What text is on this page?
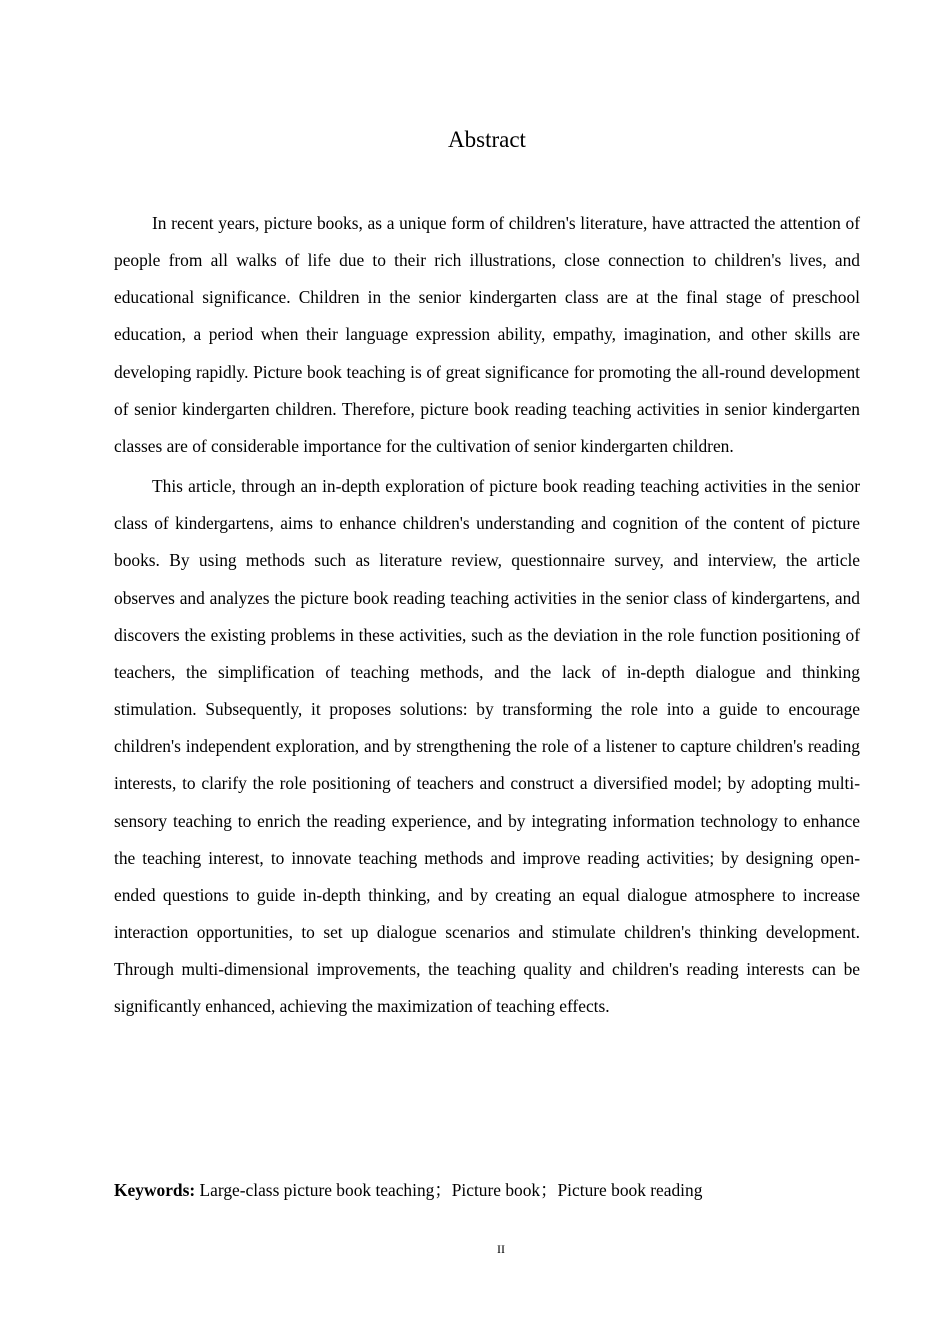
Abstract

In recent years, picture books, as a unique form of children's literature, have attracted the attention of people from all walks of life due to their rich illustrations, close connection to children's lives, and educational significance. Children in the senior kindergarten class are at the final stage of preschool education, a period when their language expression ability, empathy, imagination, and other skills are developing rapidly. Picture book teaching is of great significance for promoting the all-round development of senior kindergarten children. Therefore, picture book reading teaching activities in senior kindergarten classes are of considerable importance for the cultivation of senior kindergarten children.

This article, through an in-depth exploration of picture book reading teaching activities in the senior class of kindergartens, aims to enhance children's understanding and cognition of the content of picture books. By using methods such as literature review, questionnaire survey, and interview, the article observes and analyzes the picture book reading teaching activities in the senior class of kindergartens, and discovers the existing problems in these activities, such as the deviation in the role function positioning of teachers, the simplification of teaching methods, and the lack of in-depth dialogue and thinking stimulation. Subsequently, it proposes solutions: by transforming the role into a guide to encourage children's independent exploration, and by strengthening the role of a listener to capture children's reading interests, to clarify the role positioning of teachers and construct a diversified model; by adopting multi-sensory teaching to enrich the reading experience, and by integrating information technology to enhance the teaching interest, to innovate teaching methods and improve reading activities; by designing open-ended questions to guide in-depth thinking, and by creating an equal dialogue atmosphere to increase interaction opportunities, to set up dialogue scenarios and stimulate children's thinking development. Through multi-dimensional improvements, the teaching quality and children's reading interests can be significantly enhanced, achieving the maximization of teaching effects.

Keywords: Large-class picture book teaching；Picture book；Picture book reading

II
